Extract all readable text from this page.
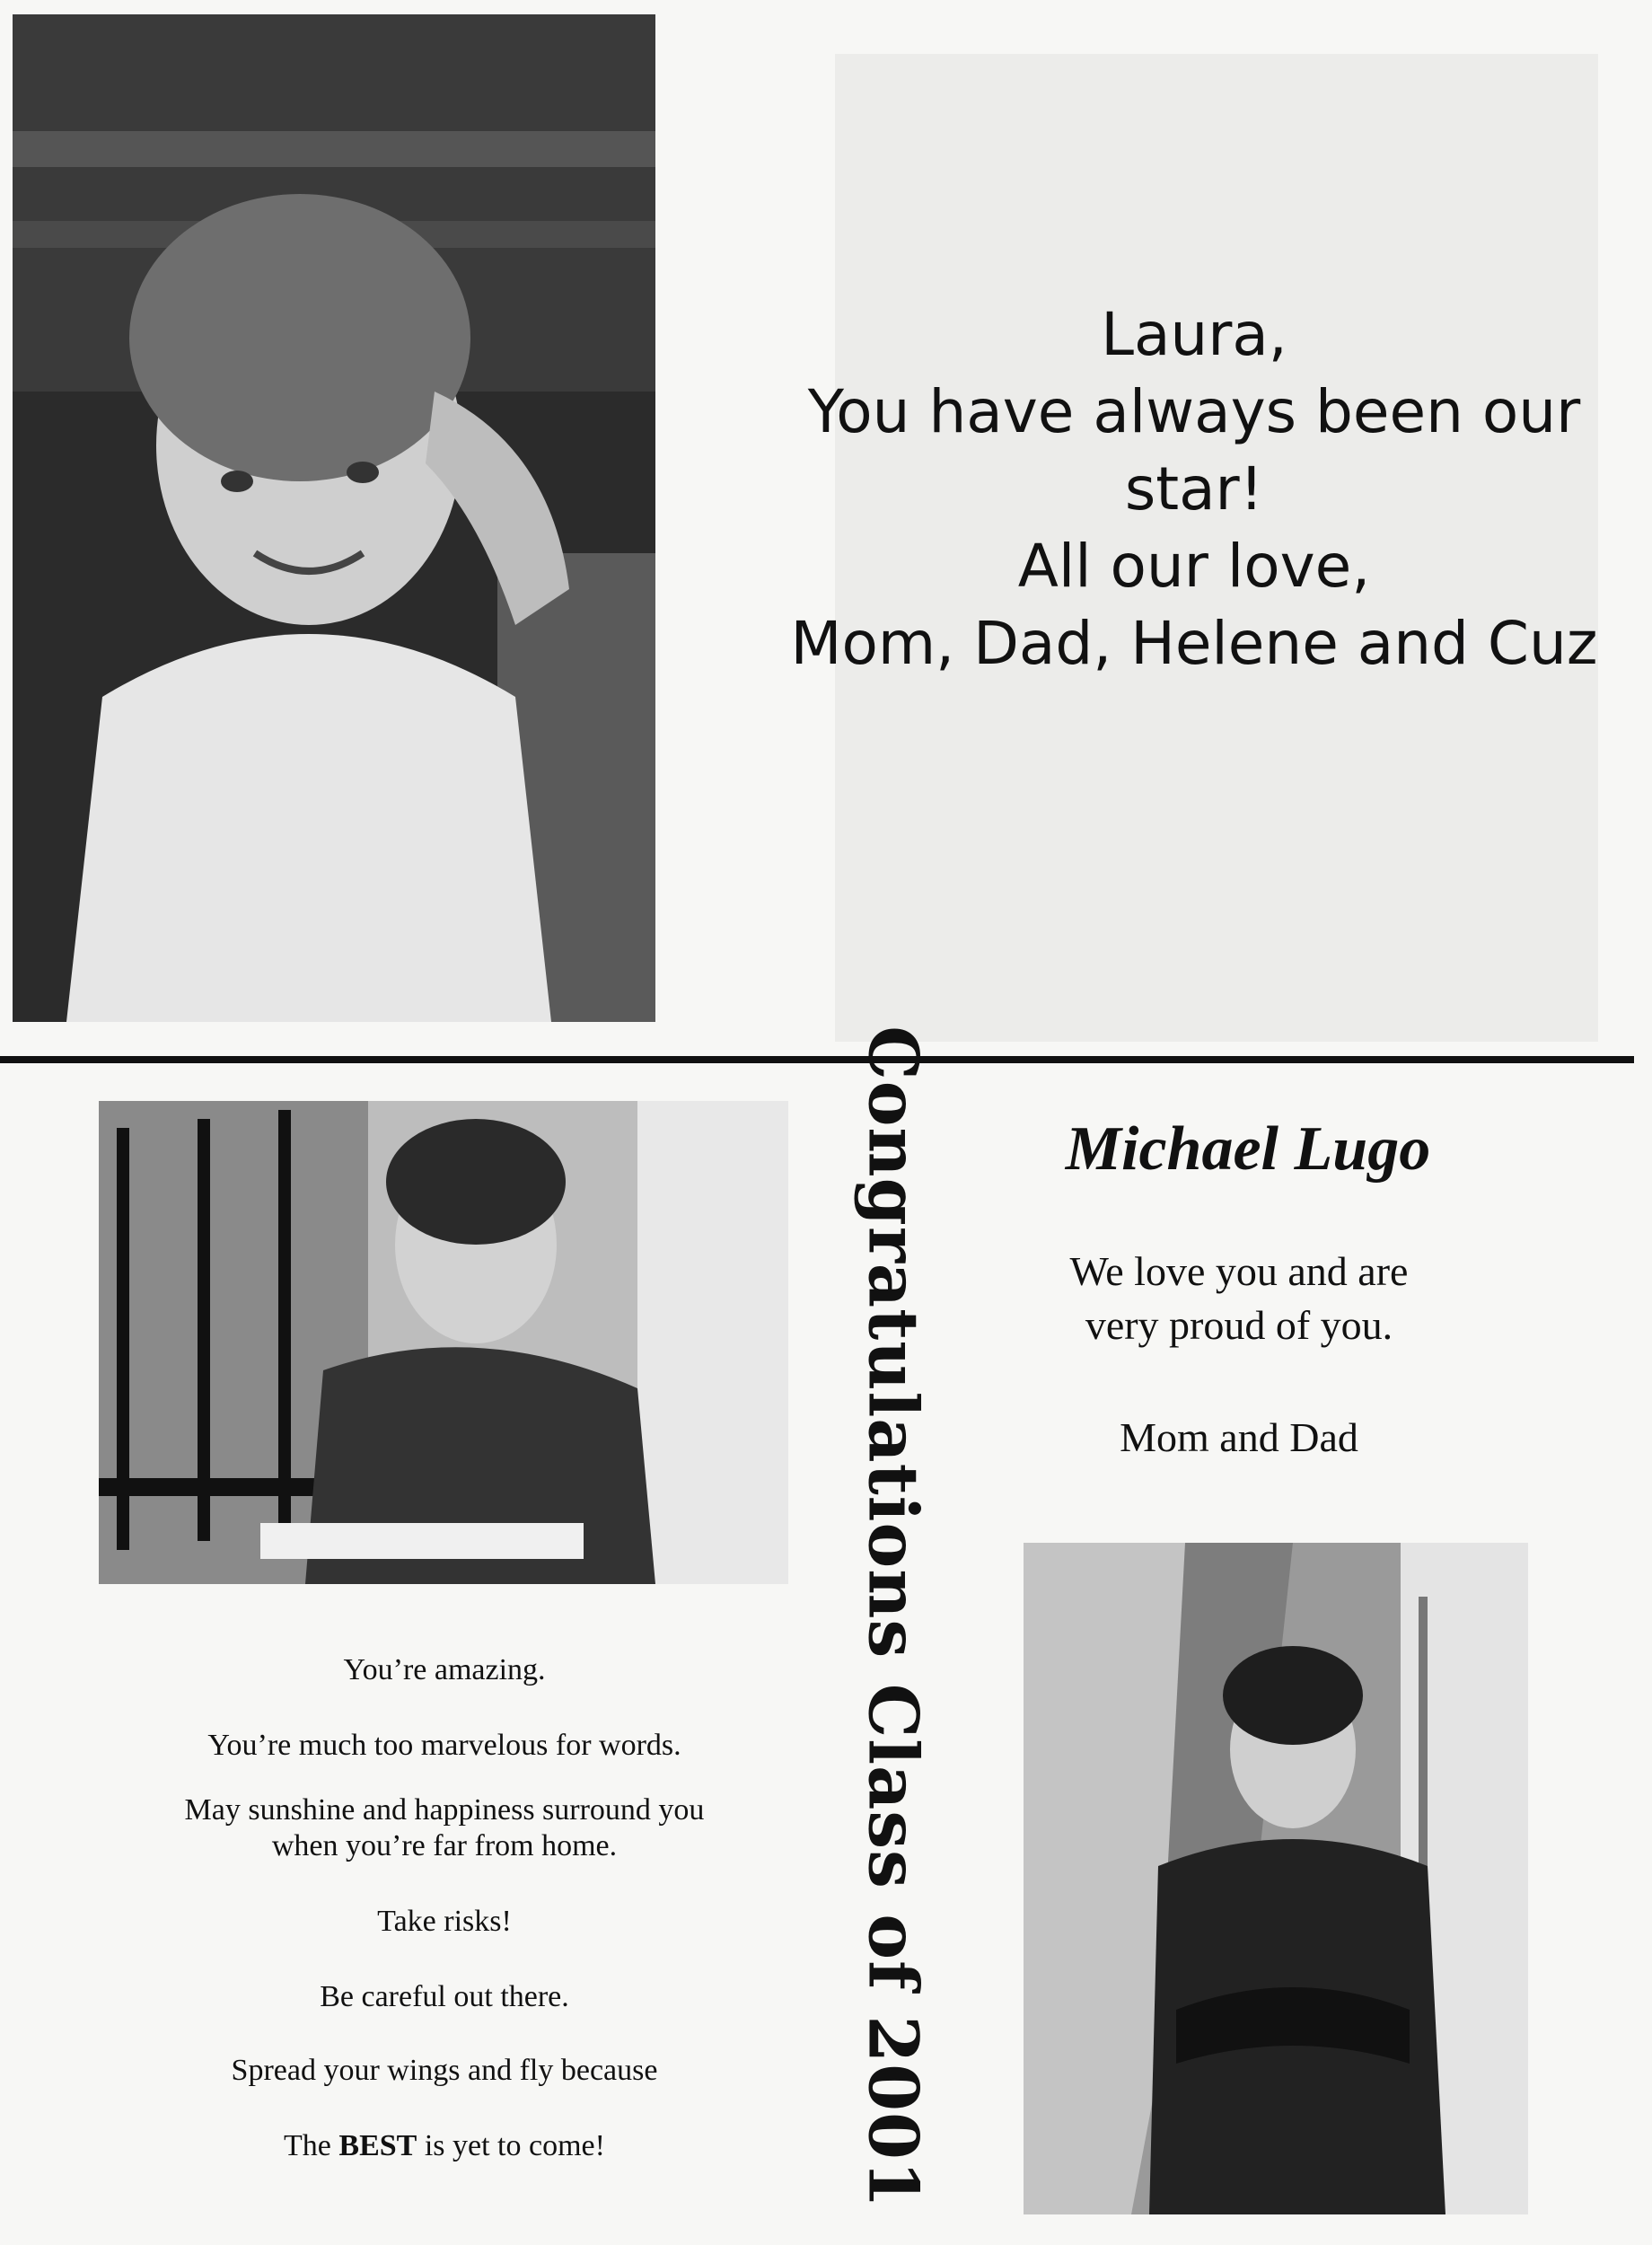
Laura,
You have always been our
star!
All our love,
Mom, Dad, Helene and Cuz
Congratulations Class of 2001	Michael Lugo
We love you and are
very proud of you.
Mom and Dad

You’re amazing.

You’re much too marvelous for words.

May sunshine and happiness surround you

when you’re far from home.

Take risks!

Be careful out there.

Spread your wings and fly because

The BEST is yet to come!
